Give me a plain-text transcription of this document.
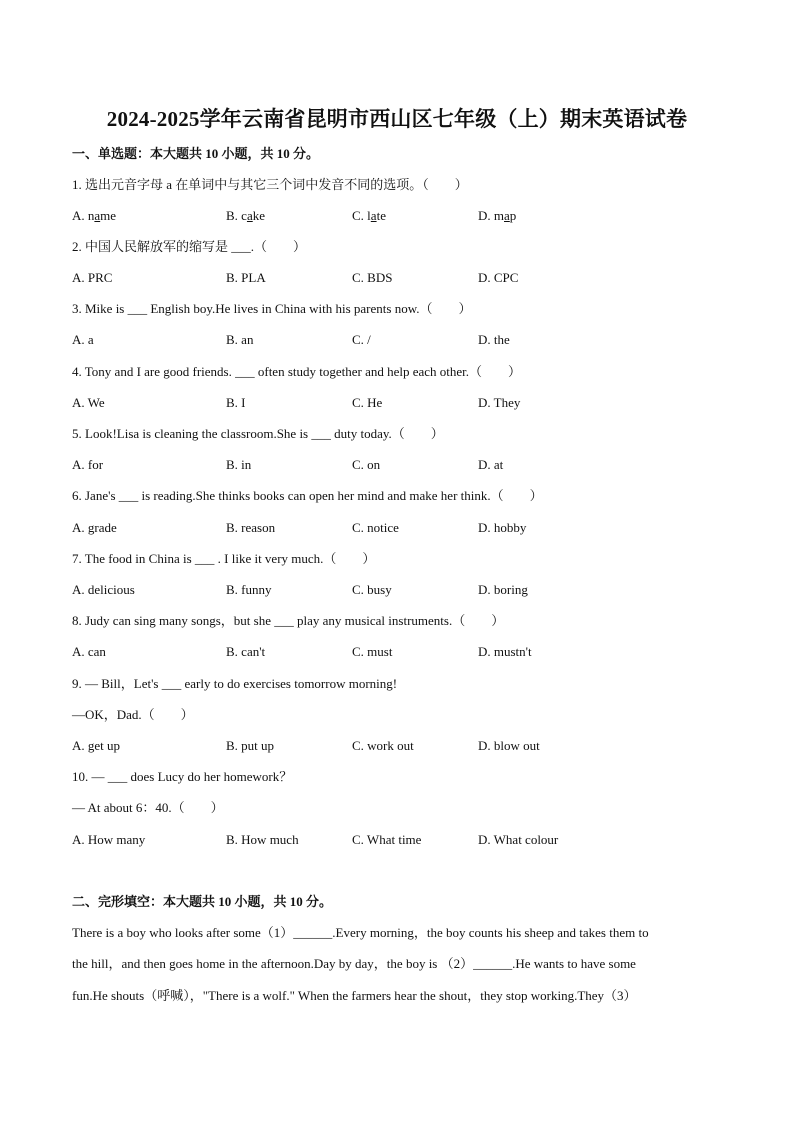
2024-2025学年云南省昆明市西山区七年级（上）期末英语试卷
一、单选题：本大题共 10 小题，共 10 分。
1. 选出元音字母 a 在单词中与其它三个词中发音不同的选项。（　　）
A. name	B. cake	C. late	D. map
2. 中国人民解放军的缩写是 ___.（　　）
A. PRC	B. PLA	C. BDS	D. CPC
3. Mike is ___ English boy.He lives in China with his parents now.（　　）
A. a	B. an	C. /	D. the
4. Tony and I are good friends. ___ often study together and help each other.（　　）
A. We	B. I	C. He	D. They
5. Look!Lisa is cleaning the classroom.She is ___ duty today.（　　）
A. for	B. in	C. on	D. at
6. Jane's ___ is reading.She thinks books can open her mind and make her think.（　　）
A. grade	B. reason	C. notice	D. hobby
7. The food in China is ___ . I like it very much.（　　）
A. delicious	B. funny	C. busy	D. boring
8. Judy can sing many songs，but she ___ play any musical instruments.（　　）
A. can	B. can't	C. must	D. mustn't
9. — Bill，Let's ___ early to do exercises tomorrow morning!
—OK，Dad.（　　）
A. get up	B. put up	C. work out	D. blow out
10. — ___ does Lucy do her homework？
— At about 6：40.（　　）
A. How many	B. How much	C. What time	D. What colour
二、完形填空：本大题共 10 小题，共 10 分。
There is a boy who looks after some（1）______.Every morning，the boy counts his sheep and takes them to
the hill，and then goes home in the afternoon.Day by day，the boy is （2）______.He wants to have some
fun.He shouts（呼喊），"There is a wolf." When the farmers hear the shout，they stop working.They（3）
